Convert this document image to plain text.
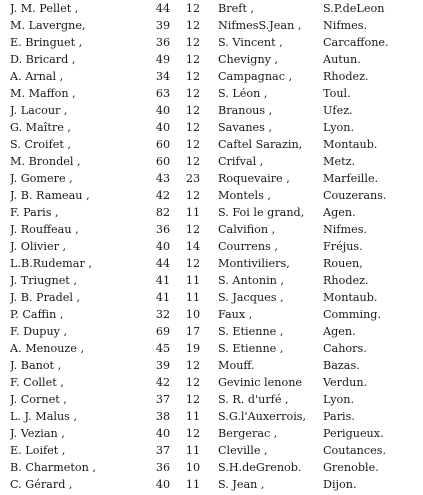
J. M. Pellet ,	44	12 Breft ,	S.P.deLeon
M. Lavergne,	39	12 NifmesS.Jean ,	Nifmes.
E. Bringuet ,	36	12 S. Vincent ,	Carcaffone.
D. Bricard ,	49	12 Chevigny ,	Autun.
A. Arnal ,	34	12 Campagnac ,	Rhodez.
M. Maffon ,	63	12 S. Léon ,	Toul.
J. Lacour ,	40	12 Branous ,	Ufez.
G. Maître ,	40	12 Savanes ,	Lyon.
S. Croifet ,	60	12 Caftel Sarazin,	Montaub.
M. Brondel ,	60	12 Crifval ,	Metz.
J. Gomere ,	43	23 Roquevaire ,	Marfeille.
J. B. Rameau ,	42	12 Montels ,	Couzerans.
F. Paris ,	82	11 S. Foi le grand,	Agen.
J. Rouffeau ,	36	12 Calvifion ,	Nifmes.
J. Olivier ,	40	14 Courrens ,	Fréjus.
L.B.Rudemar ,	44	12 Montiviliers,	Rouen,
J. Triugnet ,	41	11 S. Antonin ,	Rhodez.
J. B. Pradel ,	41	11 S. Jacques ,	Montaub.
P. Caffin ,	32	10 Faux ,	Comming.
F. Dupuy ,	69	17 S. Etienne ,	Agen.
A. Menouze ,	45	19 S. Etienne ,	Cahors.
J. Banot ,	39	12 Mouff.	Bazas.
F. Collet ,	42	12 Gevinic lenone	Verdun.
J. Cornet ,	37	12 S. R. d'urfé ,	Lyon.
L. J. Malus ,	38	11 S.G.l'Auxerrois,	Paris.
J. Vezian ,	40	12 Bergerac ,	Perigueux.
E. Loifet ,	37	11 Cleville ,	Coutances.
B. Charmeton ,	36	10 S.H.deGrenob.	Grenoble.
C. Gérard ,	40	11 S. Jean ,	Dijon.
